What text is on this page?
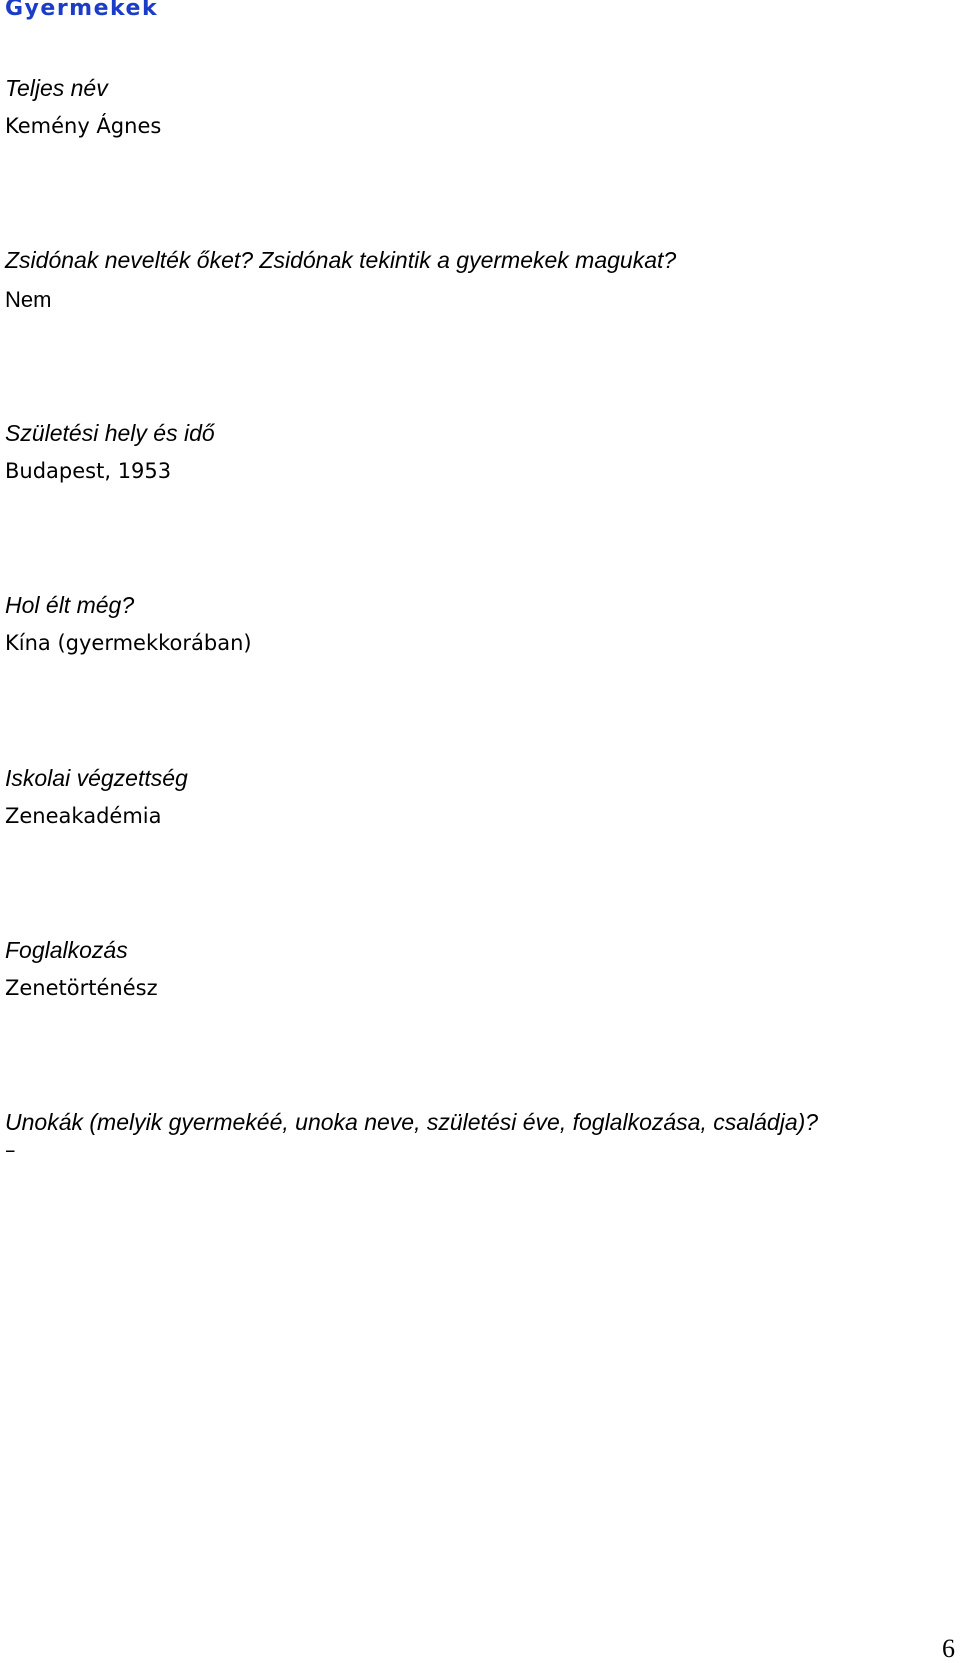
Gyermekek
Teljes név
Kemény Ágnes
Zsidónak nevelték őket? Zsidónak tekintik a gyermekek magukat?
Nem
Születési hely és idő
Budapest, 1953
Hol élt még?
Kína (gyermekkorában)
Iskolai végzettség
Zeneakadémia
Foglalkozás
Zenetörténész
Unokák (melyik gyermekéé, unoka neve, születési éve, foglalkozása, családja)?
–
6
